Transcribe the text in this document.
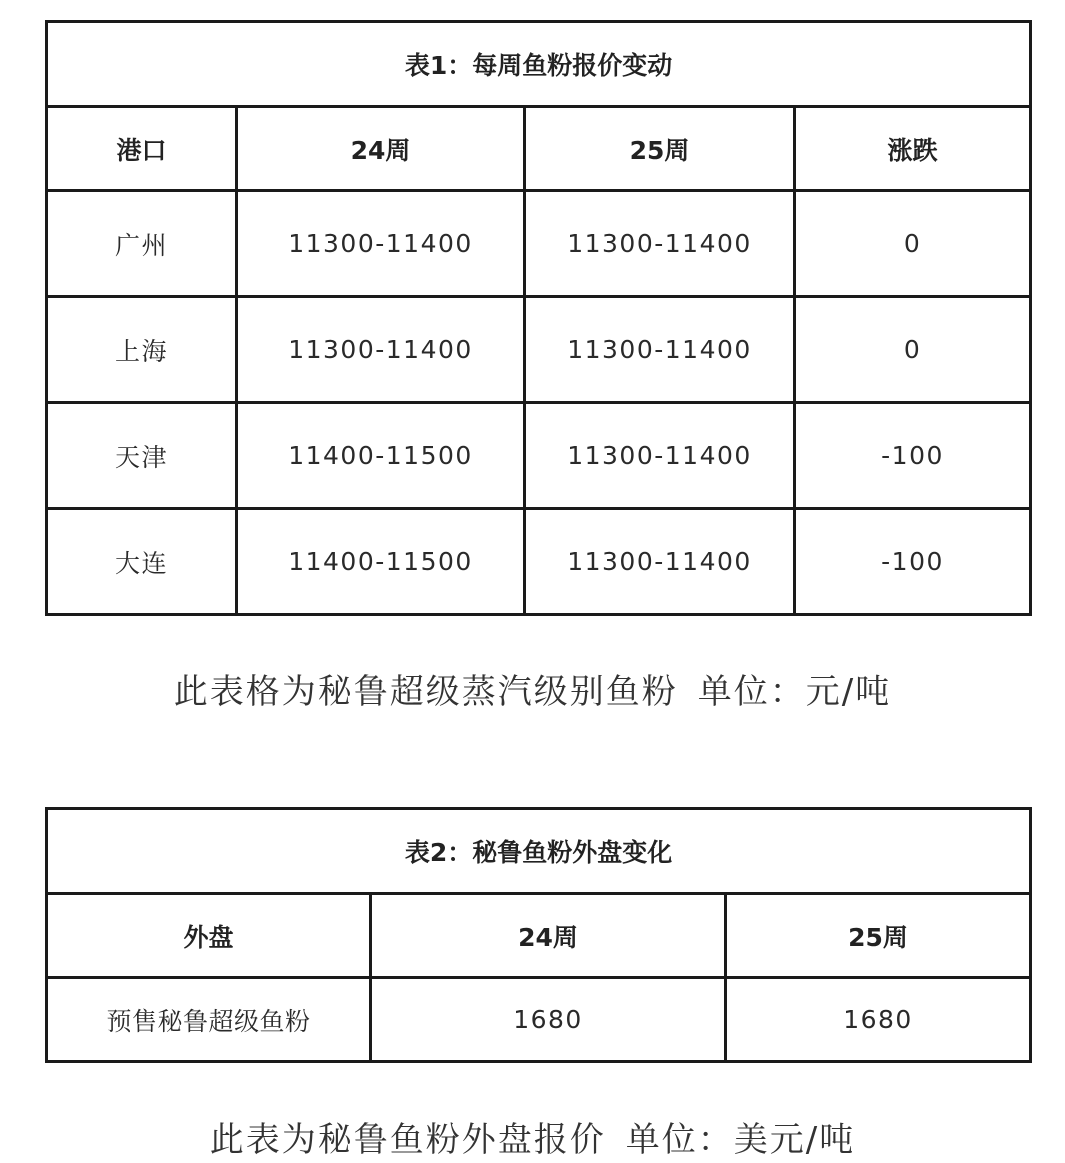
表1：每周鱼粉报价变动			
港口	24周	25周	涨跌
广州	11300-11400	11300-11400	0
上海	11300-11400	11300-11400	0
天津	11400-11500	11300-11400	-100
大连	11400-11500	11300-11400	-100
此表格为秘鲁超级蒸汽级别鱼粉 单位：元/吨
表2：秘鲁鱼粉外盘变化		
外盘	24周	25周
预售秘鲁超级鱼粉	1680	1680
此表为秘鲁鱼粉外盘报价 单位：美元/吨
